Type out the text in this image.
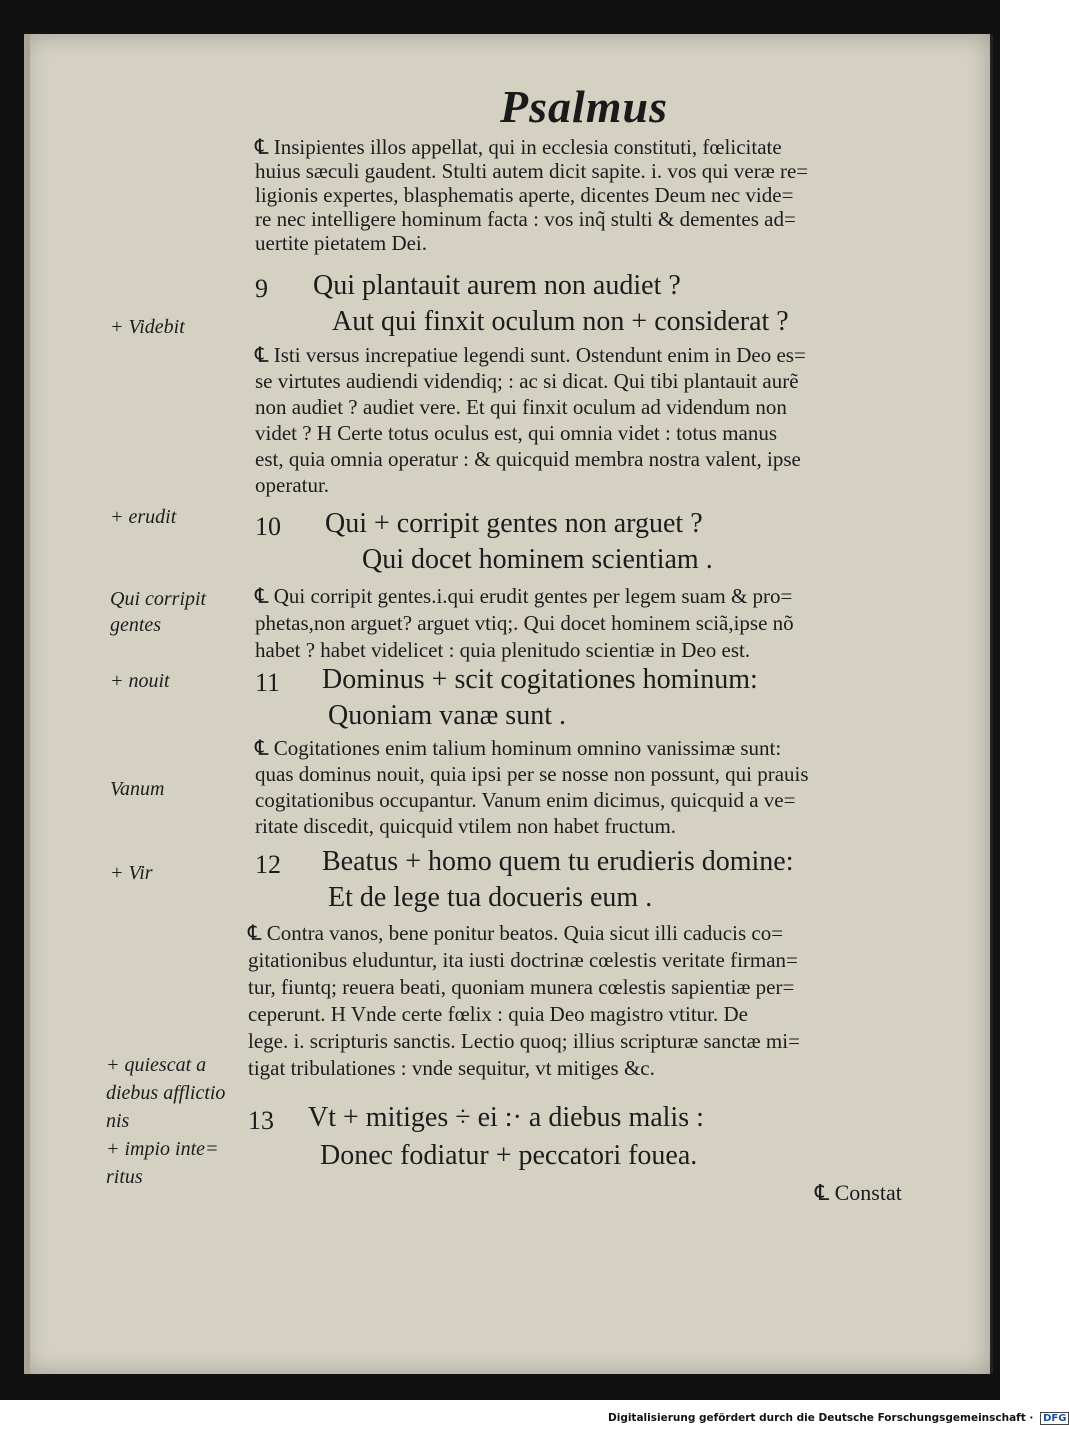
Psalmus
℄ Insipientes illos appellat, qui in ecclesia constituti, fœlicitate
huius sæculi gaudent. Stulti autem dicit sapite. i. vos qui veræ re=
ligionis expertes, blasphematis aperte, dicentes Deum nec vide=
re nec intelligere hominum facta : vos inq̃ stulti & dementes ad=
uertite pietatem Dei.
9 Qui plantauit aurem non audiet ?
Aut qui finxit oculum non + considerat ?
+ Videbit
℄ Isti versus increpatiue legendi sunt. Ostendunt enim in Deo es=
se virtutes audiendi videndiq; : ac si dicat. Qui tibi plantauit aurẽ
non audiet ? audiet vere. Et qui finxit oculum ad videndum non
videt ? H Certe totus oculus est, qui omnia videt : totus manus
est, quia omnia operatur : & quicquid membra nostra valent, ipse
operatur.
+ erudit	10 Qui + corripit gentes non arguet ?
Qui docet hominem scientiam .
Qui corripit
gentes
℄ Qui corripit gentes.i.qui erudit gentes per legem suam & pro=
phetas,non arguet? arguet vtiq;. Qui docet hominem sciã,ipse nõ
habet ? habet videlicet : quia plenitudo scientiæ in Deo est.
+ nouit	11 Dominus + scit cogitationes hominum:
Quoniam vanæ sunt .
℄ Cogitationes enim talium hominum omnino vanissimæ sunt:
quas dominus nouit, quia ipsi per se nosse non possunt, qui prauis
cogitationibus occupantur. Vanum enim dicimus, quicquid a ve=
ritate discedit, quicquid vtilem non habet fructum.
Vanum
+ Vir	12 Beatus + homo quem tu erudieris domine:
Et de lege tua docueris eum .
℄ Contra vanos, bene ponitur beatos. Quia sicut illi caducis co=
gitationibus eluduntur, ita iusti doctrinæ cœlestis veritate firman=
tur, fiuntq; reuera beati, quoniam munera cœlestis sapientiæ per=
ceperunt. H Vnde certe fœlix : quia Deo magistro vtitur. De
lege. i. scripturis sanctis. Lectio quoq; illius scripturæ sanctæ mi=
tigat tribulationes : vnde sequitur, vt mitiges &c.
+ quiescat a
diebus afflictio
nis
+ impio inte=
ritus
13 Vt + mitiges ÷ ei :· a diebus malis :
Donec fodiatur + peccatori fouea.
℄ Constat
Digitalisierung gefördert durch die Deutsche Forschungsgemeinschaft · DFG
